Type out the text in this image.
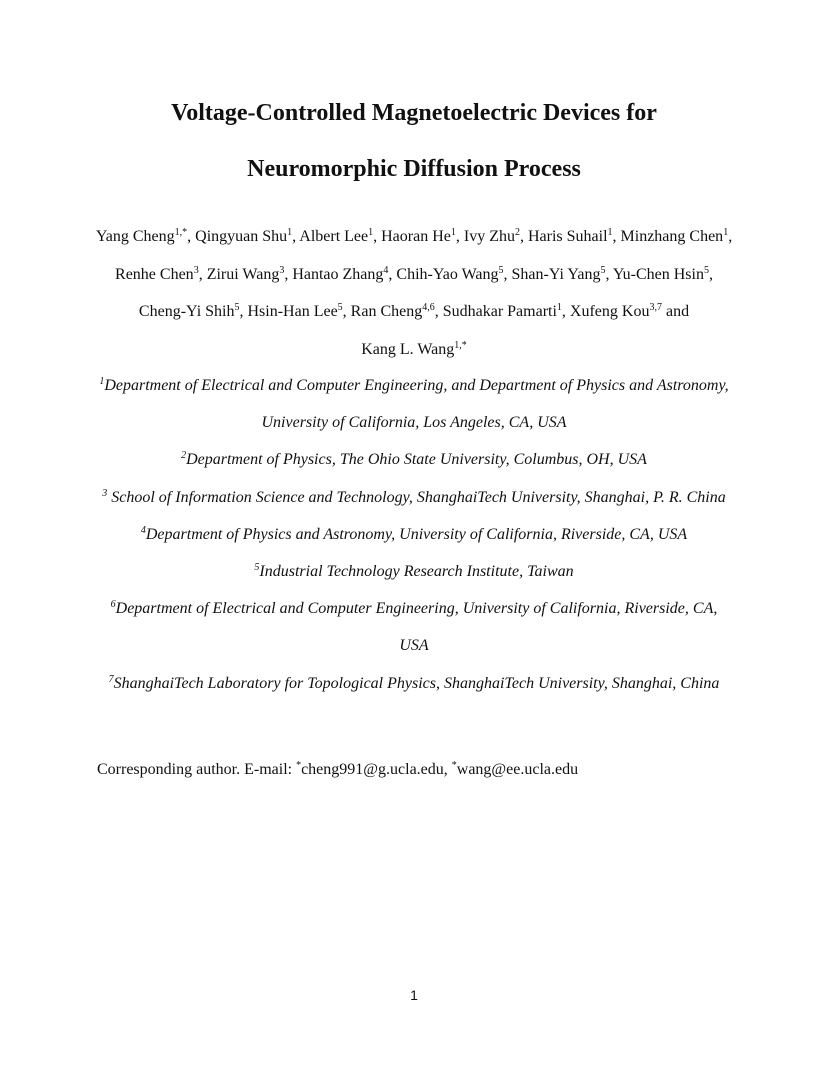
Voltage-Controlled Magnetoelectric Devices for
Neuromorphic Diffusion Process

Yang Cheng$^{1,*}$, Qingyuan Shu$^1$, Albert Lee$^1$, Haoran He$^1$, Ivy Zhu$^2$, Haris Suhail$^1$, Minzhang Chen$^1$, Renhe Chen$^3$, Zirui Wang$^3$, Hantao Zhang$^4$, Chih-Yao Wang$^5$, Shan-Yi Yang$^5$, Yu-Chen Hsin$^5$, Cheng-Yi Shih$^5$, Hsin-Han Lee$^5$, Ran Cheng$^{4,6}$, Sudhakar Pamarti$^1$, Xufeng Kou$^{3,7}$ and Kang L. Wang$^{1,*}$

$^1$Department of Electrical and Computer Engineering, and Department of Physics and Astronomy, University of California, Los Angeles, CA, USA

$^2$Department of Physics, The Ohio State University, Columbus, OH, USA

$^3$ School of Information Science and Technology, ShanghaiTech University, Shanghai, P. R. China

$^4$Department of Physics and Astronomy, University of California, Riverside, CA, USA

$^5$Industrial Technology Research Institute, Taiwan

$^6$Department of Electrical and Computer Engineering, University of California, Riverside, CA, USA

$^7$ShanghaiTech Laboratory for Topological Physics, ShanghaiTech University, Shanghai, China

Corresponding author. E-mail: *cheng991@g.ucla.edu, *wang@ee.ucla.edu

1
